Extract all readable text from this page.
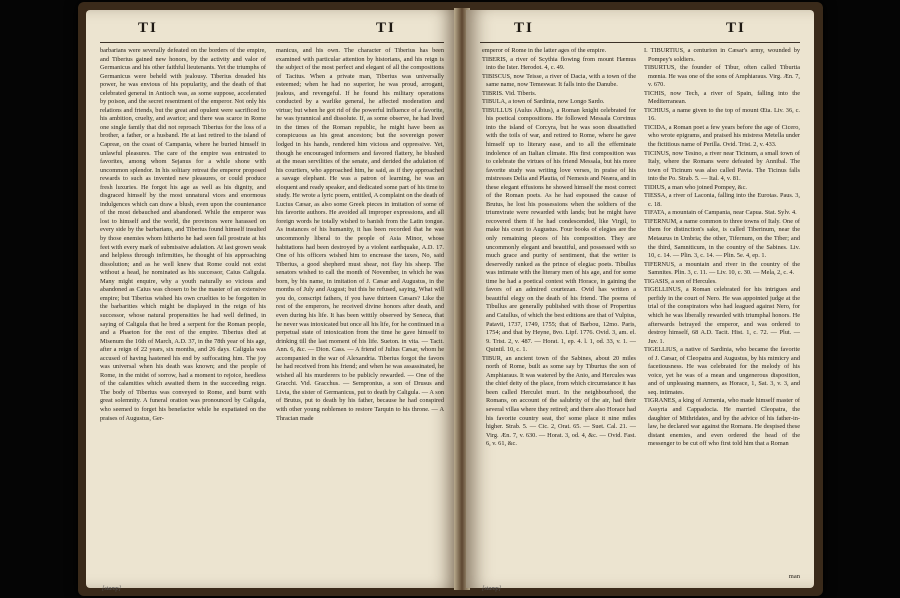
TI	TI

barbarians were severally defeated on the borders of the empire, and Tiberius gained new honors, by the activity and valor of Germanicus and his other faithful lieutenants. Yet the triumphs of Germanicus were beheld with jealousy. Tiberius dreaded his power, he was envious of his popularity, and the death of that celebrated general in Antioch was, as some suppose, accelerated by poison, and the secret resentment of the emperor. Not only his relations and friends, but the great and opulent were sacrificed to his ambition, cruelty, and avarice; and there was scarce in Rome one single family that did not reproach Tiberius for the loss of a brother, a father, or a husband. He at last retired to the island of Capreæ, on the coast of Campania, where he buried himself in unlawful pleasures. The care of the empire was entrusted to favorites, among whom Sejanus for a while shone with uncommon splendor. In his solitary retreat the emperor proposed rewards to such as invented new pleasures, or could produce fresh luxuries. He forgot his age as well as his dignity, and disgraced himself by the most unnatural vices and enormous indulgences which can draw a blush, even upon the countenance of the most debauched and abandoned. While the emperor was lost to himself and the world, the provinces were harassed on every side by the barbarians, and Tiberius found himself insulted by those enemies whom hitherto he had seen fall prostrate at his feet with every mark of submissive adulation. At last grown weak and helpless through infirmities, he thought of his approaching dissolution; and as he well knew that Rome could not exist without a head, he nominated as his successor, Caius Caligula. Many might enquire, why a youth naturally so vicious and abandoned as Caius was chosen to be the master of an extensive empire; but Tiberius wished his own cruelties to be forgotten in the barbarities which might be displayed in the reign of his successor, whose natural propensities he had well defined, in saying of Caligula that he bred a serpent for the Roman people, and a Phaeton for the rest of the empire. Tiberius died at Misenum the 16th of March, A.D. 37, in the 78th year of his age, after a reign of 22 years, six months, and 26 days. Caligula was accused of having hastened his end by suffocating him. The joy was universal when his death was known; and the people of Rome, in the midst of sorrow, had a moment to rejoice, heedless of the calamities which awaited them in the succeeding reign. The body of Tiberius was conveyed to Rome, and burnt with great solemnity. A funeral oration was pronounced by Caligula, who seemed to forget his benefactor while he expatiated on the praises of Augustus, Ger-

manicus, and his own. The character of Tiberius has been examined with particular attention by historians, and his reign is the subject of the most perfect and elegant of all the compositions of Tacitus. When a private man, Tiberius was universally esteemed; when he had no superior, he was proud, arrogant, jealous, and revengeful. If he found his military operations conducted by a warlike general, he affected moderation and virtue; but when he got rid of the powerful influence of a favorite, he was tyrannical and dissolute. If, as some observe, he had lived in the times of the Roman republic, he might have been as conspicuous as his great ancestors; but the sovereign power lodged in his hands, rendered him vicious and oppressive. Yet, though he encouraged informers and favored flattery, he blushed at the mean servilities of the senate, and derided the adulation of his courtiers, who approached him, he said, as if they approached a savage elephant. He was a patron of learning, he was an eloquent and ready speaker, and dedicated some part of his time to study. He wrote a lyric poem, entitled, A complaint on the death of Lucius Cæsar, as also some Greek pieces in imitation of some of his favorite authors. He avoided all improper expressions, and all foreign words he totally wished to banish from the Latin tongue. As instances of his humanity, it has been recorded that he was uncommonly liberal to the people of Asia Minor, whose habitations had been destroyed by a violent earthquake, A.D. 17. One of his officers wished him to encrease the taxes, No, said Tiberius, a good shepherd must shear, not flay his sheep. The senators wished to call the month of November, in which he was born, by his name, in imitation of J. Cæsar and Augustus, in the months of July and August; but this he refused, saying, What will you do, conscript fathers, if you have thirteen Cæsars? Like the rest of the emperors, he received divine honors after death, and even during his life. It has been wittily observed by Seneca, that he never was intoxicated but once all his life, for he continued in a perpetual state of intoxication from the time he gave himself to drinking till the last moment of his life. Sueton. in vita. — Tacit. Ann. 6, &c. — Dion. Cass. — A friend of Julius Cæsar, whom he accompanied in the war of Alexandria. Tiberius forgot the favors he had received from his friend; and when he was assassinated, he wished all his murderers to be publicly rewarded. — One of the Gracchi. Vid. Gracchus. — Sempronius, a son of Drusus and Livia, the sister of Germanicus, put to death by Caligula. — A son of Brutus, put to death by his father, because he had conspired with other young noblemen to restore Tarquin to his throne. — A Thracian made

TI	TI

emperor of Rome in the latter ages of the empire.

TIBERIS, a river of Scythia flowing from mount Hæmus into the Ister. Herodot. 4, c. 49.

TIBISCUS, now Teisse, a river of Dacia, with a town of the same name, now Temeswar. It falls into the Danube.

TIBRIS. Vid. Tiberis.

TIBULA, a town of Sardinia, now Longo Sardo.

TIBULLUS (Aulus Albius), a Roman knight celebrated for his poetical compositions. He followed Messala Corvinus into the island of Corcyra, but he was soon dissatisfied with the toils of war, and retired to Rome, where he gave himself up to literary ease, and to all the effeminate indolence of an Italian climate. His first composition was to celebrate the virtues of his friend Messala, but his more favorite study was writing love verses, in praise of his mistresses Delia and Plautia, of Nemesis and Neæra, and in these elegant effusions he showed himself the most correct of the Roman poets. As he had espoused the cause of Brutus, he lost his possessions when the soldiers of the triumvirate were rewarded with lands; but he might have recovered them if he had condescended, like Virgil, to make his court to Augustus. Four books of elegies are the only remaining pieces of his composition. They are uncommonly elegant and beautiful, and possessed with so much grace and purity of sentiment, that the writer is deservedly ranked as the prince of elegiac poets. Tibullus was intimate with the literary men of his age, and for some time he had a poetical contest with Horace, in gaining the favors of an admired courtezan. Ovid has written a beautiful elegy on the death of his friend. The poems of Tibullus are generally published with those of Propertius and Catullus, of which the best editions are that of Vulpius, Patavii, 1737, 1749, 1755; that of Barbou, 12mo. Paris, 1754; and that by Heyne, 8vo. Lipf. 1776. Ovid. 3, am. el. 9. Trist. 2, v. 487. — Horat. 1, ep. 4. l. 1, od. 33, v. 1. — Quintil. 10, c. 1.

TIBUR, an ancient town of the Sabines, about 20 miles north of Rome, built as some say by Tiburtus the son of Amphiaraus. It was watered by the Anio, and Hercules was the chief deity of the place, from which circumstance it has been called Herculei muri. In the neighbourhood, the Romans, on account of the salubrity of the air, had their several villas where they retired; and there also Horace had his favorite country seat, tho' some place it nine miles higher. Strab. 5. — Cic. 2, Orat. 65. — Suet. Cal. 21. — Virg. Æn. 7, v. 630. — Horat. 3, od. 4, &c. — Ovid. Fast. 6, v. 61, &c.

I. TIBURTIUS, a centurion in Cæsar's army, wounded by Pompey's soldiers.

TIBURTUS, the founder of Tibur, often called Tiburtia mœnia. He was one of the sons of Amphiaraus. Virg. Æn. 7, v. 670.

TICHIS, now Tech, a river of Spain, falling into the Mediterranean.

TICHIUS, a name given to the top of mount Œta. Liv. 36, c. 16.

TICIDA, a Roman poet a few years before the age of Cicero, who wrote epigrams, and praised his mistress Metella under the fictitious name of Perilla. Ovid. Trist. 2, v. 433.

TICINUS, now Tesino, a river near Ticinum, a small town of Italy, where the Romans were defeated by Annibal. The town of Ticinum was also called Pavia. The Ticinus falls into the Po. Strab. 5. — Ital. 4, v. 81.

TIDIUS, a man who joined Pompey, &c.

TIESSA, a river of Laconia, falling into the Eurotas. Paus. 3, c. 18.

TIFATA, a mountain of Campania, near Capua. Stat. Sylv. 4.

TIFERNUM, a name common to three towns of Italy. One of them for distinction's sake, is called Tiberinum, near the Metaurus in Umbria; the other, Tifernum, on the Tiber; and the third, Samniticum, in the country of the Sabines. Liv. 10, c. 14. — Plin. 3, c. 14. — Plin. 5e. 4, ep. 1.

TIFERNUS, a mountain and river in the country of the Samnites. Plin. 3, c. 11. — Liv. 10, c. 30. — Mela, 2, c. 4.

TIGASIS, a son of Hercules.

TIGELLINUS, a Roman celebrated for his intrigues and perfidy in the court of Nero. He was appointed judge at the trial of the conspirators who had leagued against Nero, for which he was liberally rewarded with triumphal honors. He afterwards betrayed the emperor, and was ordered to destroy himself, 68 A.D. Tacit. Hist. 1, c. 72. — Plut. — Juv. 1.

TIGELLIUS, a native of Sardinia, who became the favorite of J. Cæsar, of Cleopatra and Augustus, by his mimicry and facetiousness. He was celebrated for the melody of his voice, yet he was of a mean and ungenerous disposition, and of unpleasing manners, as Horace, 1, Sat. 3, v. 3, and seq. intimates.

TIGRANES, a king of Armenia, who made himself master of Assyria and Cappadocia. He married Cleopatra, the daughter of Mithridates, and by the advice of his father-in-law, he declared war against the Romans. He despised these distant enemies, and even ordered the head of the messenger to be cut off who first told him that a Roman

man
[stamp]	[stamp]
